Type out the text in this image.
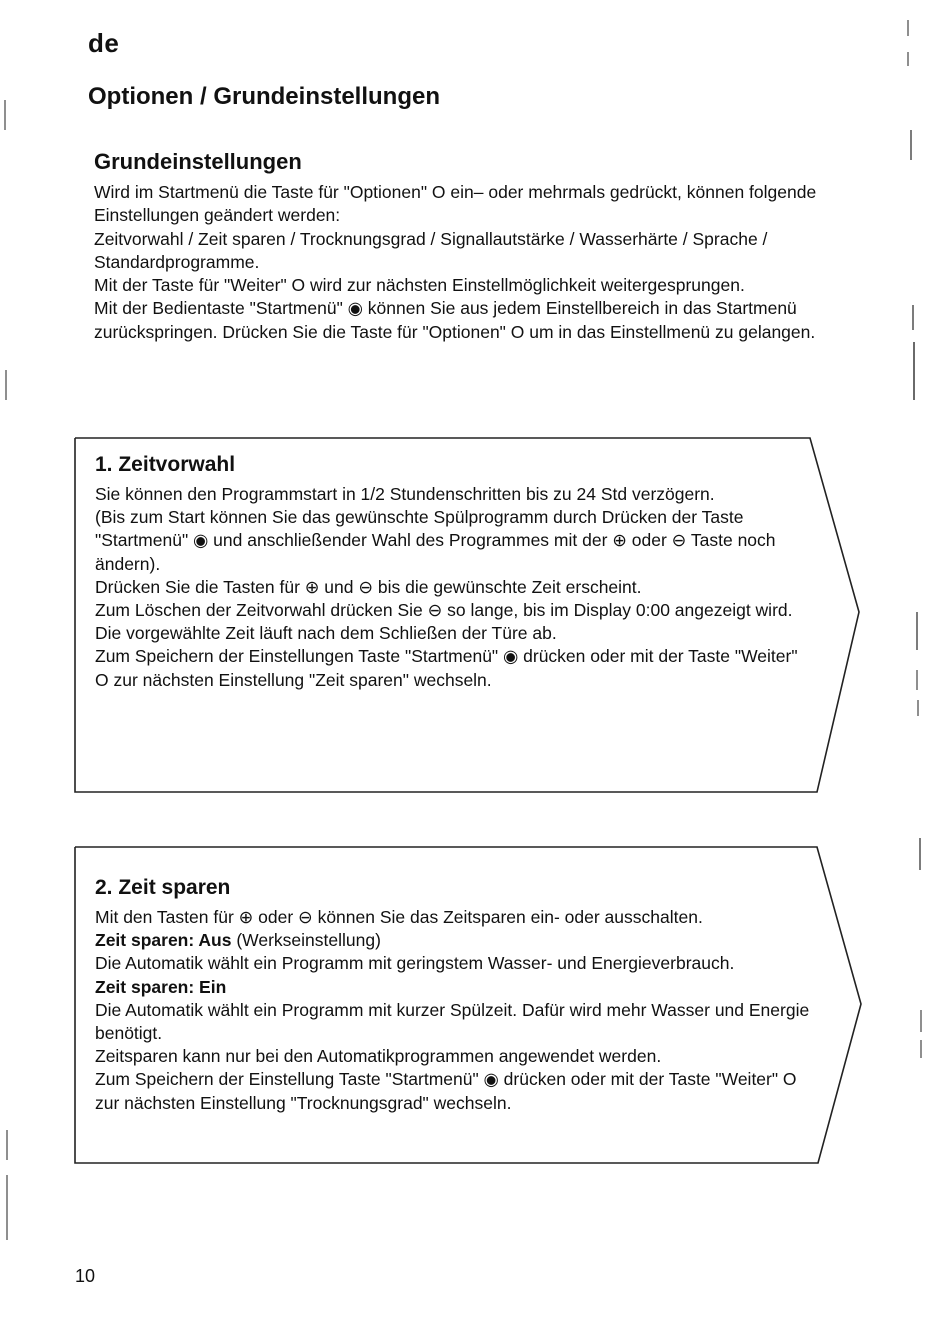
de
Optionen / Grundeinstellungen
Grundeinstellungen

Wird im Startmenü die Taste für "Optionen" O ein– oder mehrmals gedrückt, können folgende Einstellungen geändert werden:

Zeitvorwahl / Zeit sparen / Trocknungsgrad / Signallautstärke / Wasserhärte / Sprache / Standardprogramme.

Mit der Taste für "Weiter" O wird zur nächsten Einstellmöglichkeit weitergesprungen.

Mit der Bedientaste "Startmenü" ◉ können Sie aus jedem Einstellbereich in das Startmenü zurückspringen. Drücken Sie die Taste für "Optionen" O um in das Einstellmenü zu gelangen.

1. Zeitvorwahl

Sie können den Programmstart in 1/2 Stundenschritten bis zu 24 Std verzögern.

(Bis zum Start können Sie das gewünschte Spülprogramm durch Drücken der Taste "Startmenü" ◉ und anschließender Wahl des Programmes mit der ⊕ oder ⊖ Taste noch ändern).

Drücken Sie die Tasten für ⊕ und ⊖ bis die gewünschte Zeit erscheint.

Zum Löschen der Zeitvorwahl drücken Sie ⊖ so lange, bis im Display 0:00 angezeigt wird.

Die vorgewählte Zeit läuft nach dem Schließen der Türe ab.

Zum Speichern der Einstellungen Taste "Startmenü" ◉ drücken oder mit der Taste "Weiter" O zur nächsten Einstellung "Zeit sparen" wechseln.

2. Zeit sparen

Mit den Tasten für ⊕ oder ⊖ können Sie das Zeitsparen ein- oder ausschalten.

Zeit sparen: Aus (Werkseinstellung)

Die Automatik wählt ein Programm mit geringstem Wasser- und Energieverbrauch.

Zeit sparen: Ein

Die Automatik wählt ein Programm mit kurzer Spülzeit. Dafür wird mehr Wasser und Energie benötigt.

Zeitsparen kann nur bei den Automatikprogrammen angewendet werden.

Zum Speichern der Einstellung Taste "Startmenü" ◉ drücken oder mit der Taste "Weiter" O zur nächsten Einstellung "Trocknungsgrad" wechseln.

10
